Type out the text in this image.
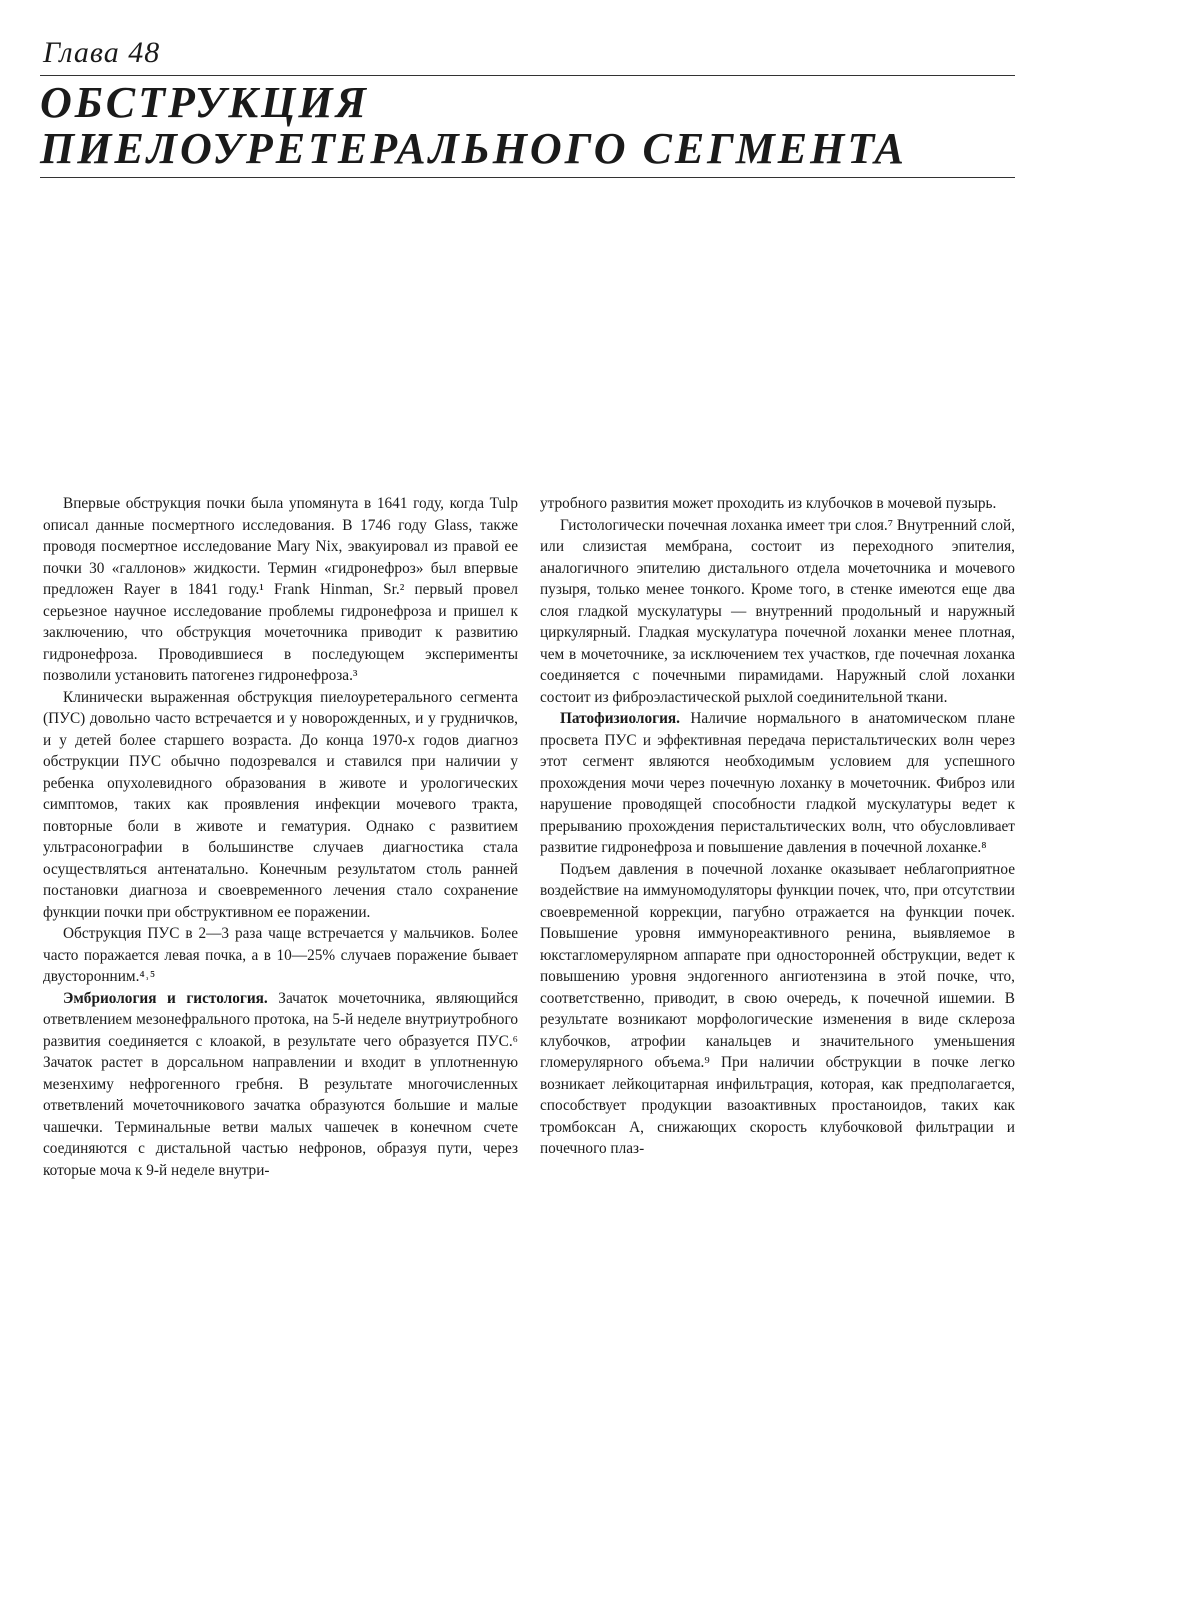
Глава 48
ОБСТРУКЦИЯ
ПИЕЛОУРЕТЕРАЛЬНОГО СЕГМЕНТА

Впервые обструкция почки была упомянута в 1641 году, когда Tulp описал данные посмертного исследования. В 1746 году Glass, также проводя посмертное исследование Mary Nix, эвакуировал из правой ее почки 30 «галлонов» жидкости. Термин «гидронефроз» был впервые предложен Rayer в 1841 году.¹ Frank Hinman, Sr.² первый провел серьезное научное исследование проблемы гидронефроза и пришел к заключению, что обструкция мочеточника приводит к развитию гидронефроза. Проводившиеся в последующем эксперименты позволили установить патогенез гидронефроза.³

Клинически выраженная обструкция пиелоуретерального сегмента (ПУС) довольно часто встречается и у новорожденных, и у грудничков, и у детей более старшего возраста. До конца 1970-х годов диагноз обструкции ПУС обычно подозревался и ставился при наличии у ребенка опухолевидного образования в животе и урологических симптомов, таких как проявления инфекции мочевого тракта, повторные боли в животе и гематурия. Однако с развитием ультрасонографии в большинстве случаев диагностика стала осуществляться антенатально. Конечным результатом столь ранней постановки диагноза и своевременного лечения стало сохранение функции почки при обструктивном ее поражении.

Обструкция ПУС в 2—3 раза чаще встречается у мальчиков. Более часто поражается левая почка, а в 10—25% случаев поражение бывает двусторонним.⁴˒⁵

Эмбриология и гистология. Зачаток мочеточника, являющийся ответвлением мезонефрального протока, на 5-й неделе внутриутробного развития соединяется с клоакой, в результате чего образуется ПУС.⁶ Зачаток растет в дорсальном направлении и входит в уплотненную мезенхиму нефрогенного гребня. В результате многочисленных ответвлений мочеточникового зачатка образуются большие и малые чашечки. Терминальные ветви малых чашечек в конечном счете соединяются с дистальной частью нефронов, образуя пути, через которые моча к 9-й неделе внутри-

утробного развития может проходить из клубочков в мочевой пузырь.

Гистологически почечная лоханка имеет три слоя.⁷ Внутренний слой, или слизистая мембрана, состоит из переходного эпителия, аналогичного эпителию дистального отдела мочеточника и мочевого пузыря, только менее тонкого. Кроме того, в стенке имеются еще два слоя гладкой мускулатуры — внутренний продольный и наружный циркулярный. Гладкая мускулатура почечной лоханки менее плотная, чем в мочеточнике, за исключением тех участков, где почечная лоханка соединяется с почечными пирамидами. Наружный слой лоханки состоит из фиброэластической рыхлой соединительной ткани.

Патофизиология. Наличие нормального в анатомическом плане просвета ПУС и эффективная передача перистальтических волн через этот сегмент являются необходимым условием для успешного прохождения мочи через почечную лоханку в мочеточник. Фиброз или нарушение проводящей способности гладкой мускулатуры ведет к прерыванию прохождения перистальтических волн, что обусловливает развитие гидронефроза и повышение давления в почечной лоханке.⁸

Подъем давления в почечной лоханке оказывает неблагоприятное воздействие на иммуномодуляторы функции почек, что, при отсутствии своевременной коррекции, пагубно отражается на функции почек. Повышение уровня иммунореактивного ренина, выявляемое в юкстагломерулярном аппарате при односторонней обструкции, ведет к повышению уровня эндогенного ангиотензина в этой почке, что, соответственно, приводит, в свою очередь, к почечной ишемии. В результате возникают морфологические изменения в виде склероза клубочков, атрофии канальцев и значительного уменьшения гломерулярного объема.⁹ При наличии обструкции в почке легко возникает лейкоцитарная инфильтрация, которая, как предполагается, способствует продукции вазоактивных простаноидов, таких как тромбоксан А, снижающих скорость клубочковой фильтрации и почечного плаз-
